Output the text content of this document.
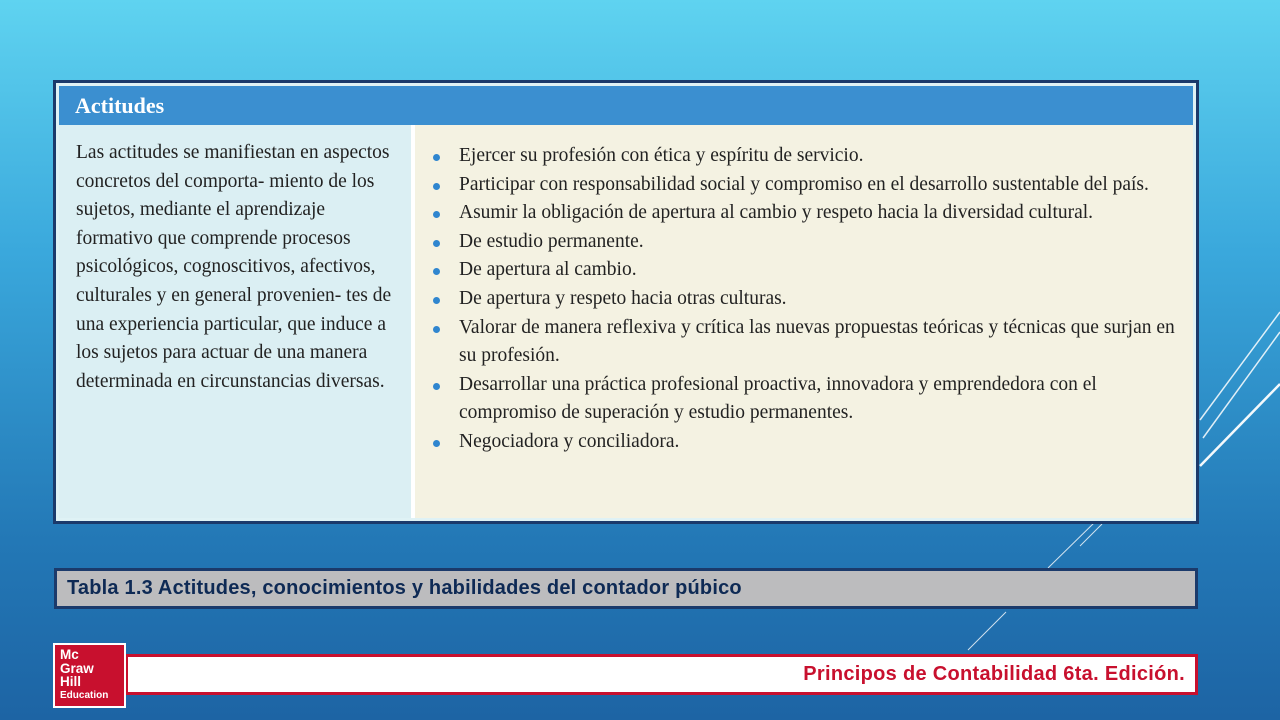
Actitudes
Las actitudes se manifiestan en aspectos concretos del comporta- miento de los sujetos, mediante el aprendizaje formativo que comprende procesos psicológicos, cognoscitivos, afectivos, culturales y en general provenien- tes de una experiencia particular, que induce a los sujetos para actuar de una manera determinada en circunstancias diversas.
Ejercer su profesión con ética y espíritu de servicio.
Participar con responsabilidad social y compromiso en el desarrollo sustentable del país.
Asumir la obligación de apertura al cambio y respeto hacia la diversidad cultural.
De estudio permanente.
De apertura al cambio.
De apertura y respeto hacia otras culturas.
Valorar de manera reflexiva y crítica las nuevas propuestas teóricas y técnicas que surjan en su profesión.
Desarrollar una práctica profesional proactiva, innovadora y emprendedora con el compromiso de superación y estudio permanentes.
Negociadora y conciliadora.
Tabla 1.3 Actitudes, conocimientos y habilidades del contador púbico
Principos de Contabilidad 6ta. Edición.
Mc
Graw
Hill
Education
